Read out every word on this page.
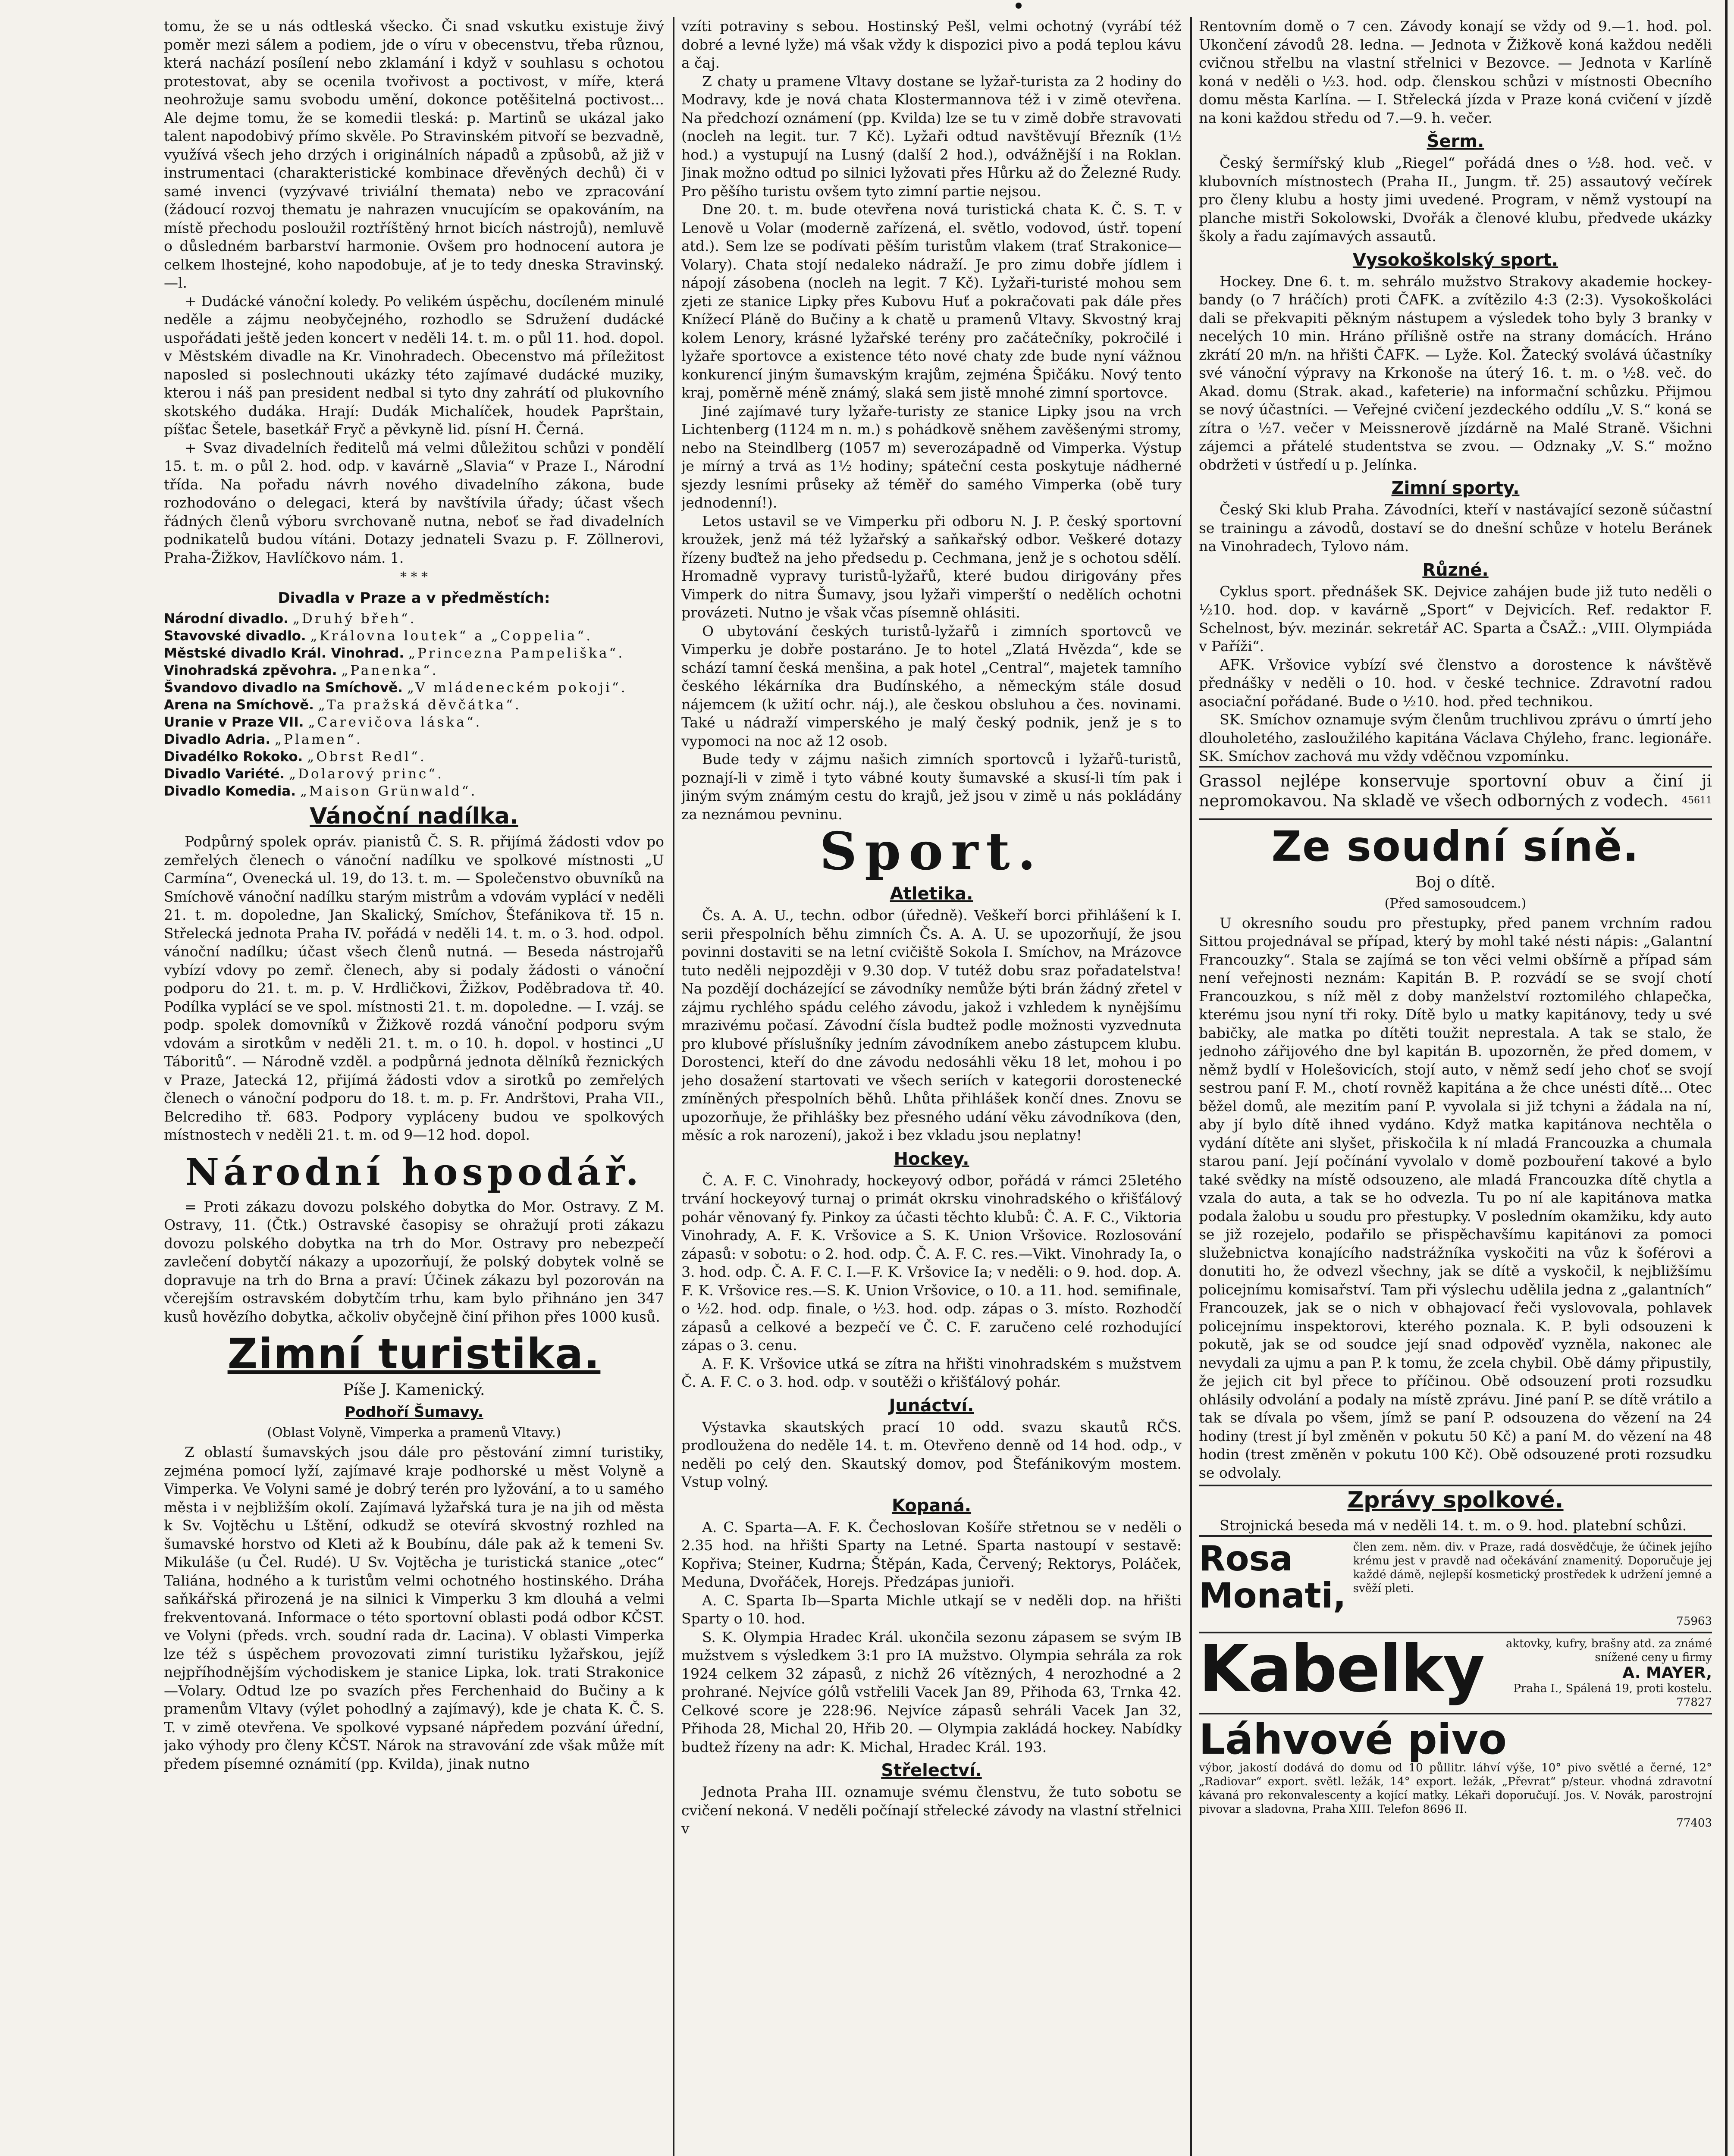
tomu, že se u nás odtleská všecko. Či snad vskutku existuje živý poměr mezi sálem a podiem, jde o víru v obecenstvu, třeba různou, která nachází posílení nebo zklamání i když v souhlasu s ochotou protestovat, aby se ocenila tvořivost a poctivost, v míře, která neohrožuje samu svobodu umění, dokonce potěšitelná poctivost... Ale dejme tomu, že se komedii tleská: p. Martinů se ukázal jako talent napodobivý přímo skvěle. Po Stravinském pitvoří se bezvadně, využívá všech jeho drzých i originálních nápadů a způsobů, až již v instrumentaci (charakteristické kombinace dřevěných dechů) či v samé invenci (vyzývavé triviální themata) nebo ve zpracování (žádoucí rozvoj thematu je nahrazen vnucujícím se opakováním, na místě přechodu posloužil roztříštěný hrnot bicích nástrojů), nemluvě o důsledném barbarství harmonie. Ovšem pro hodnocení autora je celkem lhostejné, koho napodobuje, ať je to tedy dneska Stravinský. —l.

+ Dudácké vánoční koledy. Po velikém úspěchu, docíleném minulé neděle a zájmu neobyčejného, rozhodlo se Sdružení dudácké uspořádati ještě jeden koncert v neděli 14. t. m. o půl 11. hod. dopol. v Městském divadle na Kr. Vinohradech. Obecenstvo má příležitost naposled si poslechnouti ukázky této zajímavé dudácké muziky, kterou i náš pan president nedbal si tyto dny zahrátí od plukovního skotského dudáka. Hrají: Dudák Michalíček, houdek Paprštain, píšťac Šetele, basetkář Fryč a pěvkyně lid. písní H. Černá.

+ Svaz divadelních ředitelů má velmi důležitou schůzi v pondělí 15. t. m. o půl 2. hod. odp. v kavárně „Slavia“ v Praze I., Národní třída. Na pořadu návrh nového divadelního zákona, bude rozhodováno o delegaci, která by navštívila úřady; účast všech řádných členů výboru svrchovaně nutna, neboť se řad divadelních podnikatelů budou vítáni. Dotazy jednateli Svazu p. F. Zöllnerovi, Praha-Žižkov, Havlíčkovo nám. 1.

* * *
Divadla v Praze a v předměstích:
Národní divadlo. „Druhý břeh“.
Stavovské divadlo. „Královna loutek“ a „Coppelia“.
Městské divadlo Král. Vinohrad. „Princezna Pampeliška“.
Vinohradská zpěvohra. „Panenka“.
Švandovo divadlo na Smíchově. „V mládeneckém pokoji“.
Arena na Smíchově. „Ta pražská děvčátka“.
Uranie v Praze VII. „Carevičova láska“.
Divadlo Adria. „Plamen“.
Divadélko Rokoko. „Obrst Redl“.
Divadlo Variété. „Dolarový princ“.
Divadlo Komedia. „Maison Grünwald“.
Vánoční nadílka.

Podpůrný spolek opráv. pianistů Č. S. R. přijímá žádosti vdov po zemřelých členech o vánoční nadílku ve spolkové místnosti „U Carmína“, Ovenecká ul. 19, do 13. t. m. — Společenstvo obuvníků na Smíchově vánoční nadílku starým mistrům a vdovám vyplácí v neděli 21. t. m. dopoledne, Jan Skalický, Smíchov, Štefánikova tř. 15 n. Střelecká jednota Praha IV. pořádá v neděli 14. t. m. o 3. hod. odpol. vánoční nadílku; účast všech členů nutná. — Beseda nástrojařů vybízí vdovy po zemř. členech, aby si podaly žádosti o vánoční podporu do 21. t. m. p. V. Hrdličkovi, Žižkov, Poděbradova tř. 40. Podílka vyplácí se ve spol. místnosti 21. t. m. dopoledne. — I. vzáj. se podp. spolek domovníků v Žižkově rozdá vánoční podporu svým vdovám a sirotkům v neděli 21. t. m. o 10. h. dopol. v hostinci „U Táboritů“. — Národně vzděl. a podpůrná jednota dělníků řeznických v Praze, Jatecká 12, přijímá žádosti vdov a sirotků po zemřelých členech o vánoční podporu do 18. t. m. p. Fr. Andrštovi, Praha VII., Belcrediho tř. 683. Podpory vypláceny budou ve spolkových místnostech v neděli 21. t. m. od 9—12 hod. dopol.

Národní hospodář.

= Proti zákazu dovozu polského dobytka do Mor. Ostravy. Z M. Ostravy, 11. (Čtk.) Ostravské časopisy se ohražují proti zákazu dovozu polského dobytka na trh do Mor. Ostravy pro nebezpečí zavlečení dobytčí nákazy a upozorňují, že polský dobytek volně se dopravuje na trh do Brna a praví: Účinek zákazu byl pozorován na včerejším ostravském dobytčím trhu, kam bylo přihnáno jen 347 kusů hovězího dobytka, ačkoliv obyčejně činí přihon přes 1000 kusů.

Zimní turistika.
Píše J. Kamenický.
Podhoří Šumavy.
(Oblast Volyně, Vimperka a pramenů Vltavy.)

Z oblastí šumavských jsou dále pro pěstování zimní turistiky, zejména pomocí lyží, zajímavé kraje podhorské u měst Volyně a Vimperka. Ve Volyni samé je dobrý terén pro lyžování, a to u samého města i v nejbližším okolí. Zajímavá lyžařská tura je na jih od města k Sv. Vojtěchu u Lštění, odkudž se otevírá skvostný rozhled na šumavské horstvo od Kleti až k Boubínu, dále pak až k temeni Sv. Mikuláše (u Čel. Rudé). U Sv. Vojtěcha je turistická stanice „otec“ Taliána, hodného a k turistům velmi ochotného hostinského. Dráha saňkářská přirozená je na silnici k Vimperku 3 km dlouhá a velmi frekventovaná. Informace o této sportovní oblasti podá odbor KČST. ve Volyni (předs. vrch. soudní rada dr. Lacina). V oblasti Vimperka lze též s úspěchem provozovati zimní turistiku lyžařskou, jejíž nejpříhodnějším východiskem je stanice Lipka, lok. trati Strakonice—Volary. Odtud lze po svazích přes Ferchenhaid do Bučiny a k pramenům Vltavy (výlet pohodlný a zajímavý), kde je chata K. Č. S. T. v zimě otevřena. Ve spolkové vypsané nápředem pozvání úřední, jako výhody pro členy KČST. Nárok na stravování zde však může mít předem písemné oznámití (pp. Kvilda), jinak nutno

vzíti potraviny s sebou. Hostinský Pešl, velmi ochotný (vyrábí též dobré a levné lyže) má však vždy k dispozici pivo a podá teplou kávu a čaj.

Z chaty u pramene Vltavy dostane se lyžař-turista za 2 hodiny do Modravy, kde je nová chata Klostermannova též i v zimě otevřena. Na předchozí oznámení (pp. Kvilda) lze se tu v zimě dobře stravovati (nocleh na legit. tur. 7 Kč). Lyžaři odtud navštěvují Březník (1½ hod.) a vystupují na Lusný (další 2 hod.), odvážnější i na Roklan. Jinak možno odtud po silnici lyžovati přes Hůrku až do Železné Rudy. Pro pěšího turistu ovšem tyto zimní partie nejsou.

Dne 20. t. m. bude otevřena nová turistická chata K. Č. S. T. v Lenově u Volar (moderně zařízená, el. světlo, vodovod, ústř. topení atd.). Sem lze se podívati pěším turistům vlakem (trať Strakonice—Volary). Chata stojí nedaleko nádraží. Je pro zimu dobře jídlem i nápojí zásobena (nocleh na legit. 7 Kč). Lyžaři-turisté mohou sem zjeti ze stanice Lipky přes Kubovu Huť a pokračovati pak dále přes Knížecí Pláně do Bučiny a k chatě u pramenů Vltavy. Skvostný kraj kolem Lenory, krásné lyžařské terény pro začátečníky, pokročilé i lyžaře sportovce a existence této nové chaty zde bude nyní vážnou konkurencí jiným šumavským krajům, zejména Špičáku. Nový tento kraj, poměrně méně známý, slaká sem jistě mnohé zimní sportovce.

Jiné zajímavé tury lyžaře-turisty ze stanice Lipky jsou na vrch Lichtenberg (1124 m n. m.) s pohádkově sněhem zavěšenými stromy, nebo na Steindlberg (1057 m) severozápadně od Vimperka. Výstup je mírný a trvá as 1½ hodiny; spáteční cesta poskytuje nádherné sjezdy lesními průseky až téměř do samého Vimperka (obě tury jednodenní!).

Letos ustavil se ve Vimperku při odboru N. J. P. český sportovní kroužek, jenž má též lyžařský a saňkařský odbor. Veškeré dotazy řízeny buďtež na jeho předsedu p. Cechmana, jenž je s ochotou sdělí. Hromadně vypravy turistů-lyžařů, které budou dirigovány přes Vimperk do nitra Šumavy, jsou lyžaři vimperští o nedělích ochotni provázeti. Nutno je však včas písemně ohlásiti.

O ubytování českých turistů-lyžařů i zimních sportovců ve Vimperku je dobře postaráno. Je to hotel „Zlatá Hvězda“, kde se schází tamní česká menšina, a pak hotel „Central“, majetek tamního českého lékárníka dra Budínského, a německým stále dosud nájemcem (k užití ochr. náj.), ale českou obsluhou a čes. novinami. Také u nádraží vimperského je malý český podnik, jenž je s to vypomoci na noc až 12 osob.

Bude tedy v zájmu našich zimních sportovců i lyžařů-turistů, poznají-li v zimě i tyto vábné kouty šumavské a skusí-li tím pak i jiným svým známým cestu do krajů, jež jsou v zimě u nás pokládány za neznámou pevninu.

Sport.
Atletika.

Čs. A. A. U., techn. odbor (úředně). Veškeří borci přihlášení k I. serii přespolních běhu zimních Čs. A. A. U. se upozorňují, že jsou povinni dostaviti se na letní cvičiště Sokola I. Smíchov, na Mrázovce tuto neděli nejpozději v 9.30 dop. V tutéž dobu sraz pořadatelstva! Na pozdějí docházející se závodníky nemůže býti brán žádný zřetel v zájmu rychlého spádu celého závodu, jakož i vzhledem k nynějšímu mrazivému počasí. Závodní čísla budtež podle možnosti vyzvednuta pro klubové příslušníky jedním závodníkem anebo zástupcem klubu. Dorostenci, kteří do dne závodu nedosáhli věku 18 let, mohou i po jeho dosažení startovati ve všech seriích v kategorii dorostenecké zmíněných přespolních běhů. Lhůta přihlášek končí dnes. Znovu se upozorňuje, že přihlášky bez přesného udání věku závodníkova (den, měsíc a rok narození), jakož i bez vkladu jsou neplatny!

Hockey.

Č. A. F. C. Vinohrady, hockeyový odbor, pořádá v rámci 25letého trvání hockeyový turnaj o primát okrsku vinohradského o křišťálový pohár věnovaný fy. Pinkoy za účasti těchto klubů: Č. A. F. C., Viktoria Vinohrady, A. F. K. Vršovice a S. K. Union Vršovice. Rozlosování zápasů: v sobotu: o 2. hod. odp. Č. A. F. C. res.—Vikt. Vinohrady Ia, o 3. hod. odp. Č. A. F. C. I.—F. K. Vršovice Ia; v neděli: o 9. hod. dop. A. F. K. Vršovice res.—S. K. Union Vršovice, o 10. a 11. hod. semifinale, o ½2. hod. odp. finale, o ½3. hod. odp. zápas o 3. místo. Rozhodčí zápasů a celkové a bezpečí ve Č. C. F. zaručeno celé rozhodující zápas o 3. cenu.

A. F. K. Vršovice utká se zítra na hřišti vinohradském s mužstvem Č. A. F. C. o 3. hod. odp. v soutěži o křišťálový pohár.

Junáctví.

Výstavka skautských prací 10 odd. svazu skautů RČS. prodloužena do neděle 14. t. m. Otevřeno denně od 14 hod. odp., v neděli po celý den. Skautský domov, pod Štefánikovým mostem. Vstup volný.

Kopaná.

A. C. Sparta—A. F. K. Čechoslovan Košíře střetnou se v neděli o 2.35 hod. na hřišti Sparty na Letné. Sparta nastoupí v sestavě: Kopřiva; Steiner, Kudrna; Štěpán, Kada, Červený; Rektorys, Poláček, Meduna, Dvořáček, Horejs. Předzápas junioři.

A. C. Sparta Ib—Sparta Michle utkají se v neděli dop. na hřišti Sparty o 10. hod.

S. K. Olympia Hradec Král. ukončila sezonu zápasem se svým IB mužstvem s výsledkem 3:1 pro IA mužstvo. Olympia sehrála za rok 1924 celkem 32 zápasů, z nichž 26 vítězných, 4 nerozhodné a 2 prohrané. Nejvíce gólů vstřelili Vacek Jan 89, Přihoda 63, Trnka 42. Celkové score je 228:96. Nejvíce zápasů sehráli Vacek Jan 32, Přihoda 28, Michal 20, Hřib 20. — Olympia zakládá hockey. Nabídky budtež řízeny na adr: K. Michal, Hradec Král. 193.

Střelectví.

Jednota Praha III. oznamuje svému členstvu, že tuto sobotu se cvičení nekoná. V neděli počínají střelecké závody na vlastní střelnici v

Rentovním domě o 7 cen. Závody konají se vždy od 9.—1. hod. pol. Ukončení závodů 28. ledna. — Jednota v Žižkově koná každou neděli cvičnou střelbu na vlastní střelnici v Bezovce. — Jednota v Karlíně koná v neděli o ½3. hod. odp. členskou schůzi v místnosti Obecního domu města Karlína. — I. Střelecká jízda v Praze koná cvičení v jízdě na koni každou středu od 7.—9. h. večer.

Šerm.

Český šermířský klub „Riegel“ pořádá dnes o ½8. hod. več. v klubovních místnostech (Praha II., Jungm. tř. 25) assautový večírek pro členy klubu a hosty jimi uvedené. Program, v němž vystoupí na planche mistři Sokolowski, Dvořák a členové klubu, předvede ukázky školy a řadu zajímavých assautů.

Vysokoškolský sport.

Hockey. Dne 6. t. m. sehrálo mužstvo Strakovy akademie hockey-bandy (o 7 hráčích) proti ČAFK. a zvítězilo 4:3 (2:3). Vysokoškoláci dali se překvapiti pěkným nástupem a výsledek toho byly 3 branky v necelých 10 min. Hráno přílišně ostře na strany domácích. Hráno zkrátí 20 m/n. na hřišti ČAFK. — Lyže. Kol. Žatecký svolává účastníky své vánoční výpravy na Krkonoše na úterý 16. t. m. o ½8. več. do Akad. domu (Strak. akad., kafeterie) na informační schůzku. Přijmou se nový účastníci. — Veřejné cvičení jezdeckého oddílu „V. S.“ koná se zítra o ½7. večer v Meissnerově jízdárně na Malé Straně. Všichni zájemci a přátelé studentstva se zvou. — Odznaky „V. S.“ možno obdržeti v ústředí u p. Jelínka.

Zimní sporty.

Český Ski klub Praha. Závodníci, kteří v nastávající sezoně súčastní se trainingu a závodů, dostaví se do dnešní schůze v hotelu Beránek na Vinohradech, Tylovo nám.

Různé.

Cyklus sport. přednášek SK. Dejvice zahájen bude již tuto neděli o ½10. hod. dop. v kavárně „Sport“ v Dejvicích. Ref. redaktor F. Schelnost, býv. mezinár. sekretář AC. Sparta a ČsAŽ.: „VIII. Olympiáda v Paříži“.

AFK. Vršovice vybízí své členstvo a dorostence k návštěvě přednášky v neděli o 10. hod. v české technice. Zdravotní radou asociační pořádané. Bude o ½10. hod. před technikou.

SK. Smíchov oznamuje svým členům truchlivou zprávu o úmrtí jeho dlouholetého, zasloužilého kapitána Václava Chýleho, franc. legionáře. SK. Smíchov zachová mu vždy vděčnou vzpomínku.

Grassol nejlépe konservuje sportovní obuv a činí ji nepromokavou. Na skladě ve všech odborných z vodech. 45611
Ze soudní síně.
Boj o dítě.
(Před samosoudcem.)

U okresního soudu pro přestupky, před panem vrchním radou Sittou projednával se případ, který by mohl také nésti nápis: „Galantní Francouzky“. Stala se zajímá se ton věci velmi obšírně a případ sám není veřejnosti neznám: Kapitán B. P. rozvádí se se svojí chotí Francouzkou, s níž měl z doby manželství roztomilého chlapečka, kterému jsou nyní tři roky. Dítě bylo u matky kapitánovy, tedy u své babičky, ale matka po dítěti toužit neprestala. A tak se stalo, že jednoho zářijového dne byl kapitán B. upozorněn, že před domem, v němž bydlí v Holešovicích, stojí auto, v němž sedí jeho choť se svojí sestrou paní F. M., chotí rovněž kapitána a že chce unésti dítě... Otec běžel domů, ale mezitím paní P. vyvolala si již tchyni a žádala na ní, aby jí bylo dítě ihned vydáno. Když matka kapitánova nechtěla o vydání dítěte ani slyšet, přiskočila k ní mladá Francouzka a chumala starou paní. Její počínání vyvolalo v domě pozbouření takové a bylo také svědky na místě odsouzeno, ale mladá Francouzka dítě chytla a vzala do auta, a tak se ho odvezla. Tu po ní ale kapitánova matka podala žalobu u soudu pro přestupky. V posledním okamžiku, kdy auto se již rozejelo, podařilo se přispěchavšímu kapitánovi za pomoci služebnictva konajícího nadstrážníka vyskočiti na vůz k šoférovi a donutiti ho, že odvezl všechny, jak se dítě a vyskočil, k nejbližšímu policejnímu komisařství. Tam při výslechu udělila jedna z „galantních“ Francouzek, jak se o nich v obhajovací řeči vyslovovala, pohlavek policejnímu inspektorovi, kterého poznala. K. P. byli odsouzeni k pokutě, jak se od soudce její snad odpověď vyzněla, nakonec ale nevydali za ujmu a pan P. k tomu, že zcela chybil. Obě dámy připustily, že jejich cit byl přece to příčinou. Obě odsouzení proti rozsudku ohlásily odvolání a podaly na místě zprávu. Jiné paní P. se dítě vrátilo a tak se dívala po všem, jímž se paní P. odsouzena do vězení na 24 hodiny (trest jí byl změněn v pokutu 50 Kč) a paní M. do vězení na 48 hodin (trest změněn v pokutu 100 Kč). Obě odsouzené proti rozsudku se odvolaly.

Zprávy spolkové.

Strojnická beseda má v neděli 14. t. m. o 9. hod. platební schůzi.

Rosa Monati,
člen zem. něm. div. v Praze, radá dosvědčuje, že účinek jejího krému jest v pravdě nad očekávání znamenitý. Doporučuje jej každé dámě, nejlepší kosmetický prostředek k udržení jemné a svěží pleti.
75963
Kabelky	aktovky, kufry, brašny atd. za známé snížené ceny u firmy
A. MAYER,
Praha I., Spálená 19, proti kostelu.
77827
Láhvové pivo
výbor, jakostí dodává do domu od 10 půllitr. láhví výše, 10° pivo světlé a černé, 12° „Radiovar“ export. světl. ležák, 14° export. ležák, „Převrat“ p/steur. vhodná zdravotní kávaná pro rekonvalescenty a kojící matky. Lékaři doporučují. Jos. V. Novák, parostrojní pivovar a sladovna, Praha XIII. Telefon 8696 II.
77403
